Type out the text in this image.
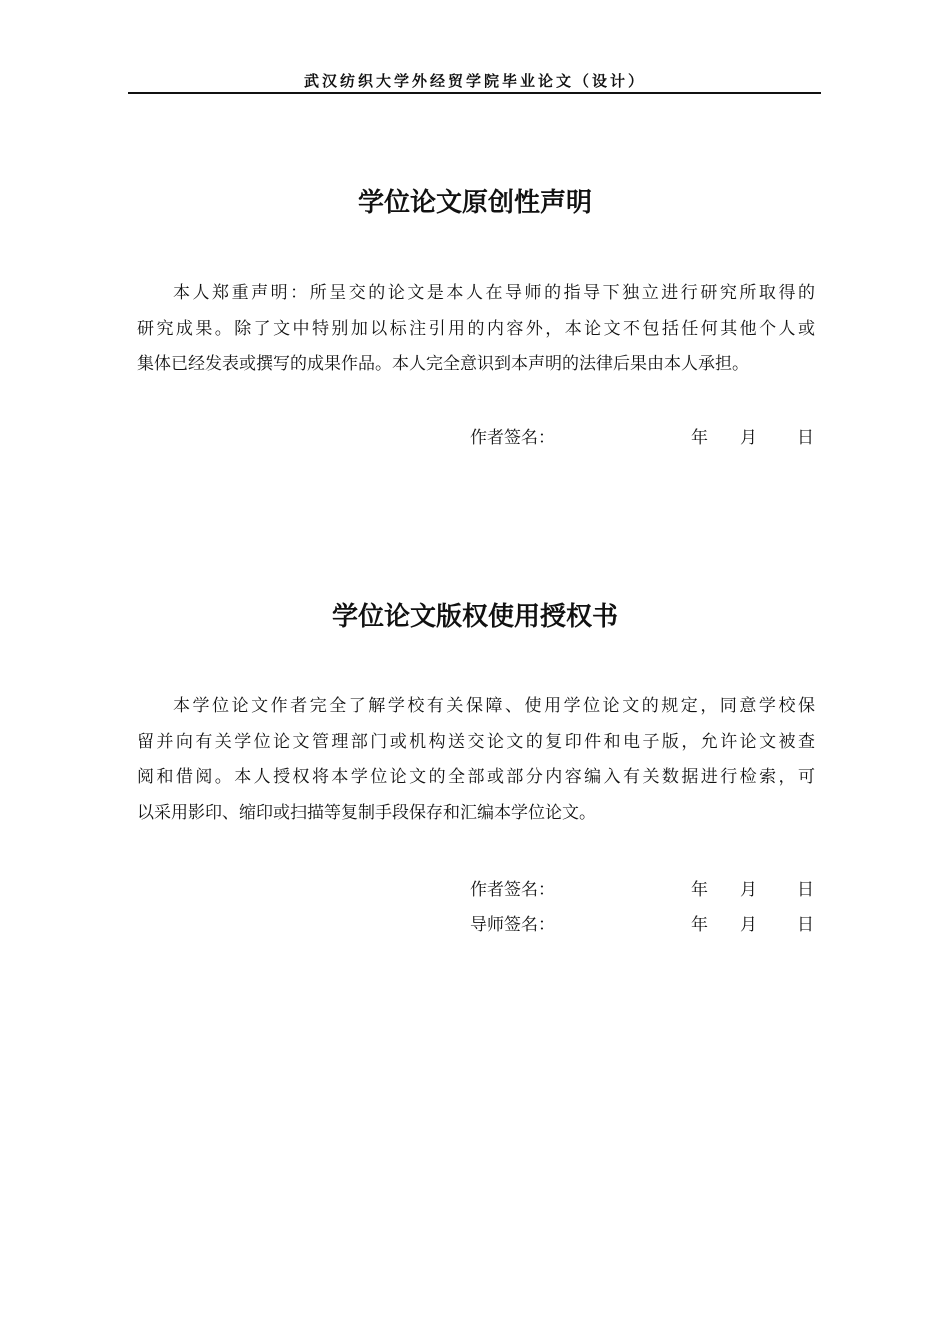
武汉纺织大学外经贸学院毕业论文（设计）
学位论文原创性声明

本人郑重声明：所呈交的论文是本人在导师的指导下独立进行研究所取得的
研究成果。除了文中特别加以标注引用的内容外，本论文不包括任何其他个人或
集体已经发表或撰写的成果作品。本人完全意识到本声明的法律后果由本人承担。

作者签名：	年 月 日
学位论文版权使用授权书

本学位论文作者完全了解学校有关保障、使用学位论文的规定，同意学校保
留并向有关学位论文管理部门或机构送交论文的复印件和电子版，允许论文被查
阅和借阅。本人授权将本学位论文的全部或部分内容编入有关数据进行检索，可
以采用影印、缩印或扫描等复制手段保存和汇编本学位论文。

作者签名：	年 月 日
导师签名：	年 月 日
